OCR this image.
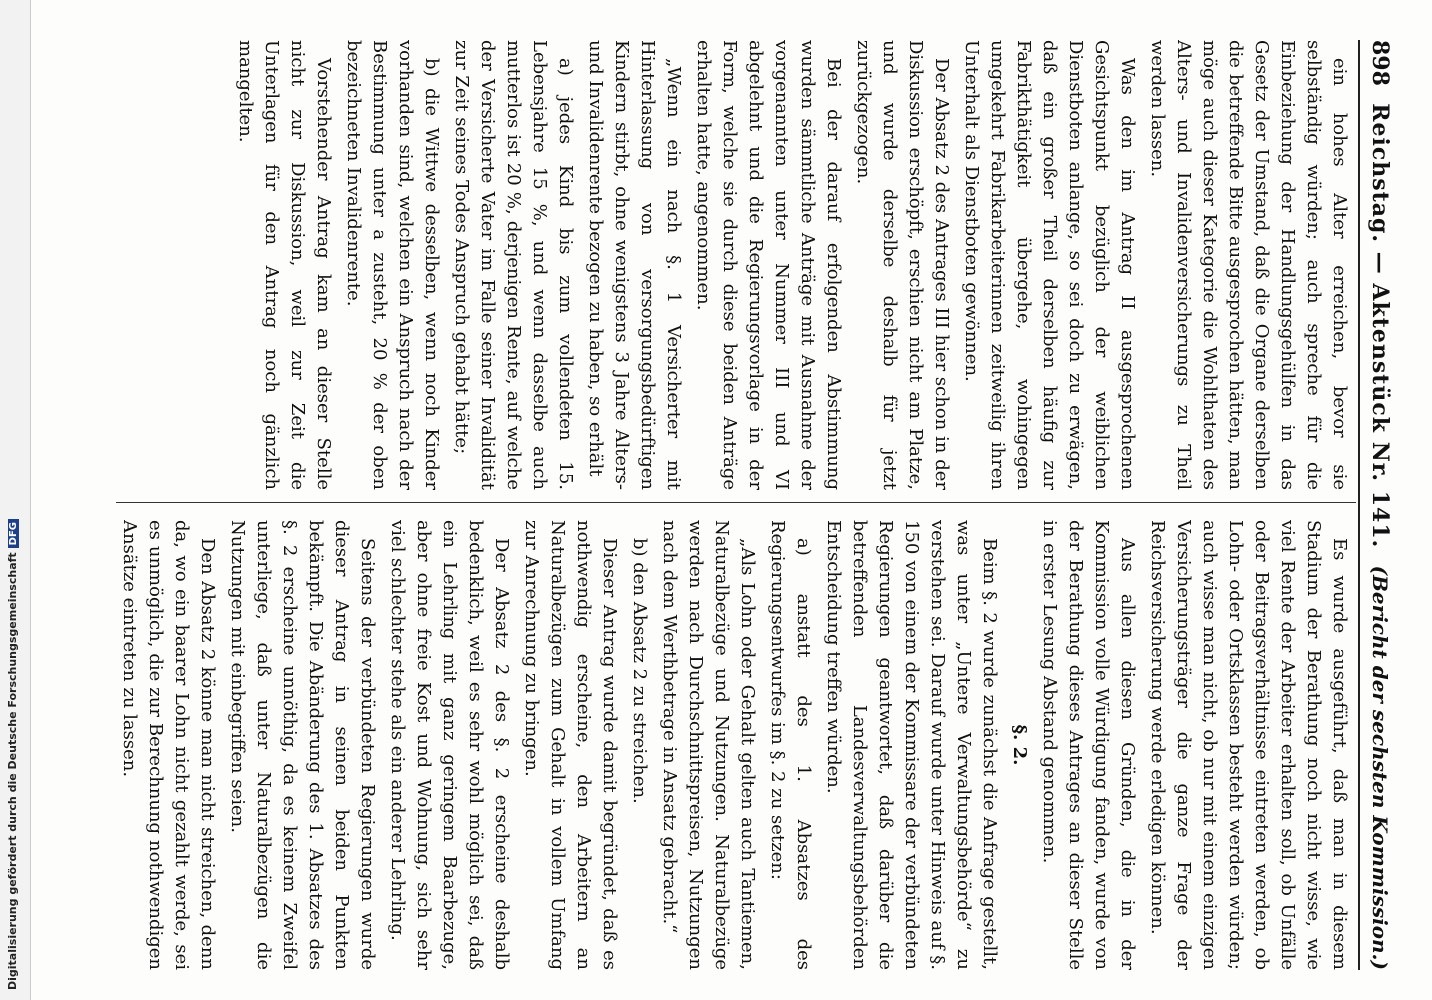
Digitalisierung gefördert durch die Deutsche ForschungsgemeinschaftDFG
898
Reichstag. — Aktenstück Nr. 141.
(Bericht der sechsten Kommission.)

ein hohes Alter erreichen, bevor sie selbständig würden; auch spreche für die Einbeziehung der Handlungsgehülfen in das Gesetz der Umstand, daß die Organe derselben die betreffende Bitte ausgesprochen hätten, man möge auch dieser Kategorie die Wohlthaten des Alters- und Invalidenversicherungs zu Theil werden lassen.

Was den im Antrag II ausgesprochenen Gesichtspunkt bezüglich der weiblichen Dienstboten anlange, so sei doch zu erwägen, daß ein großer Theil derselben häufig zur Fabrikthätigkeit übergehe, wohingegen umgekehrt Fabrikarbeiterinnen zeitweilig ihren Unterhalt als Dienstboten gewönnen.

Der Absatz 2 des Antrages III hier schon in der Diskussion erschöpft, erschien nicht am Platze, und wurde derselbe deshalb für jetzt zurückgezogen.

Bei der darauf erfolgenden Abstimmung wurden sämmtliche Anträge mit Ausnahme der vorgenannten unter Nummer III und VI abgelehnt und die Regierungsvorlage in der Form, welche sie durch diese beiden Anträge erhalten hatte, angenommen.

„Wenn ein nach §. 1 Versicherter mit Hinterlassung von versorgungsbedürftigen Kindern stirbt, ohne wenigstens 3 Jahre Alters- und Invalidenrente bezogen zu haben, so erhält

a) jedes Kind bis zum vollendeten 15. Lebensjahre 15 %, und wenn dasselbe auch mutterlos ist 20 %, derjenigen Rente, auf welche der Versicherte Vater im Falle seiner Invalidität zur Zeit seines Todes Anspruch gehabt hätte;

b) die Wittwe desselben, wenn noch Kinder vorhanden sind, welchen ein Anspruch nach der Bestimmung unter a zusteht, 20 % der oben bezeichneten Invalidenrente.

Vorstehender Antrag kam an dieser Stelle nicht zur Diskussion, weil zur Zeit die Unterlagen für den Antrag noch gänzlich mangelten.

Es wurde ausgeführt, daß man in diesem Stadium der Berathung noch nicht wisse, wie viel Rente der Arbeiter erhalten soll, ob Unfälle oder Beitragsverhältnisse eintreten werden, ob Lohn- oder Ortsklassen besteht werden würden; auch wisse man nicht, ob nur mit einem einzigen Versicherungsträger die ganze Frage der Reichsversicherung werde erledigen können.

Aus allen diesen Gründen, die in der Kommission volle Würdigung fanden, wurde von der Berathung dieses Antrages an dieser Stelle in erster Lesung Abstand genommen.

§. 2.

Beim §. 2 wurde zunächst die Anfrage gestellt, was unter „Untere Verwaltungsbehörde“ zu verstehen sei. Darauf wurde unter Hinweis auf §. 150 von einem der Kommissare der verbündeten Regierungen geantwortet, daß darüber die betreffenden Landesverwaltungsbehörden Entscheidung treffen würden.

a) anstatt des 1. Absatzes des Regierungsentwurfes im §. 2 zu setzen:

„Als Lohn oder Gehalt gelten auch Tantiemen, Naturalbezüge und Nutzungen. Naturalbezüge werden nach Durchschnittspreisen, Nutzungen nach dem Werthbetrage in Ansatz gebracht.“

b) den Absatz 2 zu streichen.

Dieser Antrag wurde damit begründet, daß es nothwendig erscheine, den Arbeitern an Naturalbezügen zum Gehalt in vollem Umfang zur Anrechnung zu bringen.

Der Absatz 2 des §. 2 erscheine deshalb bedenklich, weil es sehr wohl möglich sei, daß ein Lehrling mit ganz geringem Baarbezuge, aber ohne freie Kost und Wohnung, sich sehr viel schlechter stehe als ein anderer Lehrling.

Seitens der verbündeten Regierungen wurde dieser Antrag in seinen beiden Punkten bekämpft. Die Abänderung des 1. Absatzes des §. 2 erscheine unnöthig, da es keinem Zweifel unterliege, daß unter Naturalbezügen die Nutzungen mit einbegriffen seien.

Den Absatz 2 könne man nicht streichen, denn da, wo ein baarer Lohn nicht gezahlt werde, sei es unmöglich, die zur Berechnung nothwendigen Ansätze eintreten zu lassen.
